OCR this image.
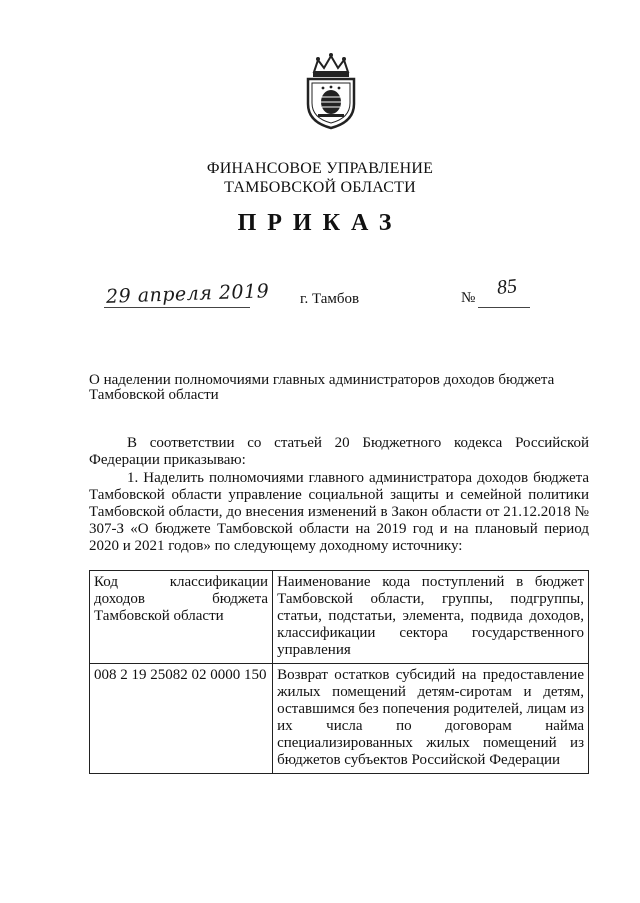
ФИНАНСОВОЕ УПРАВЛЕНИЕ
ТАМБОВСКОЙ ОБЛАСТИ
ПРИКАЗ
29 апреля 2019 г. Тамбов	№ 85
О наделении полномочиями главных администраторов доходов бюджета Тамбовской области
В соответствии со статьей 20 Бюджетного кодекса Российской Федерации приказываю:
1. Наделить полномочиями главного администратора доходов бюджета Тамбовской области управление социальной защиты и семейной политики Тамбовской области, до внесения изменений в Закон области от 21.12.2018 № 307-З «О бюджете Тамбовской области на 2019 год и на плановый период 2020 и 2021 годов» по следующему доходному источнику:
Код классификации доходов бюджета Тамбовской области	Наименование кода поступлений в бюджет Тамбовской области, группы, подгруппы, статьи, подстатьи, элемента, подвида доходов, классификации сектора государственного управления
008 2 19 25082 02 0000 150	Возврат остатков субсидий на предоставление жилых помещений детям-сиротам и детям, оставшимся без попечения родителей, лицам из их числа по договорам найма специализированных жилых помещений из бюджетов субъектов Российской Федерации
